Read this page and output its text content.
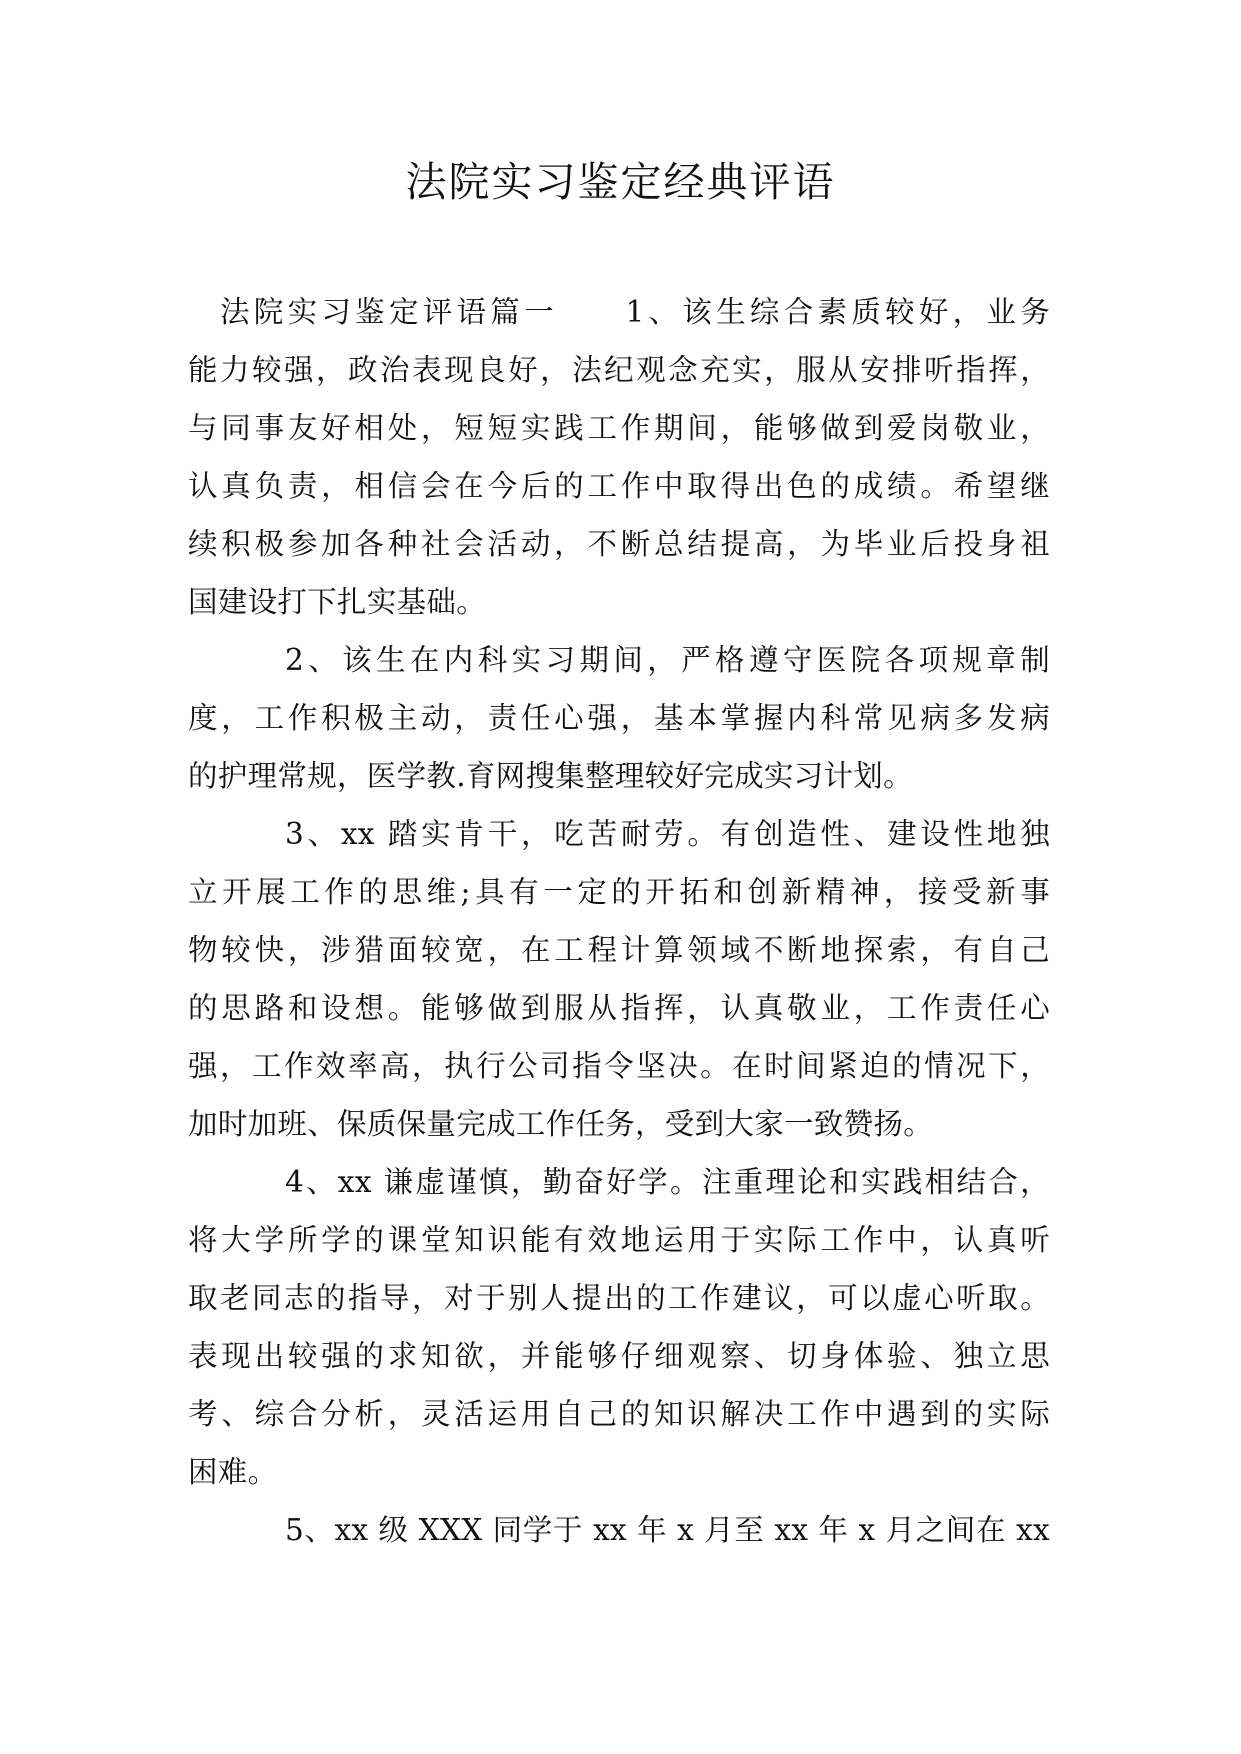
法院实习鉴定经典评语
法院实习鉴定评语篇一　　1、该生综合素质较好，业务
能力较强，政治表现良好，法纪观念充实，服从安排听指挥，
与同事友好相处，短短实践工作期间，能够做到爱岗敬业，
认真负责，相信会在今后的工作中取得出色的成绩。希望继
续积极参加各种社会活动，不断总结提高，为毕业后投身祖
国建设打下扎实基础。
2、该生在内科实习期间，严格遵守医院各项规章制
度，工作积极主动，责任心强，基本掌握内科常见病多发病
的护理常规，医学教.育网搜集整理较好完成实习计划。
3、xx 踏实肯干，吃苦耐劳。有创造性、建设性地独
立开展工作的思维;具有一定的开拓和创新精神，接受新事
物较快，涉猎面较宽，在工程计算领域不断地探索，有自己
的思路和设想。能够做到服从指挥，认真敬业，工作责任心
强，工作效率高，执行公司指令坚决。在时间紧迫的情况下，
加时加班、保质保量完成工作任务，受到大家一致赞扬。
4、xx 谦虚谨慎，勤奋好学。注重理论和实践相结合，
将大学所学的课堂知识能有效地运用于实际工作中，认真听
取老同志的指导，对于别人提出的工作建议，可以虚心听取。
表现出较强的求知欲，并能够仔细观察、切身体验、独立思
考、综合分析，灵活运用自己的知识解决工作中遇到的实际
困难。
5、xx 级 XXX 同学于 xx 年 x 月至 xx 年 x 月之间在 xx
